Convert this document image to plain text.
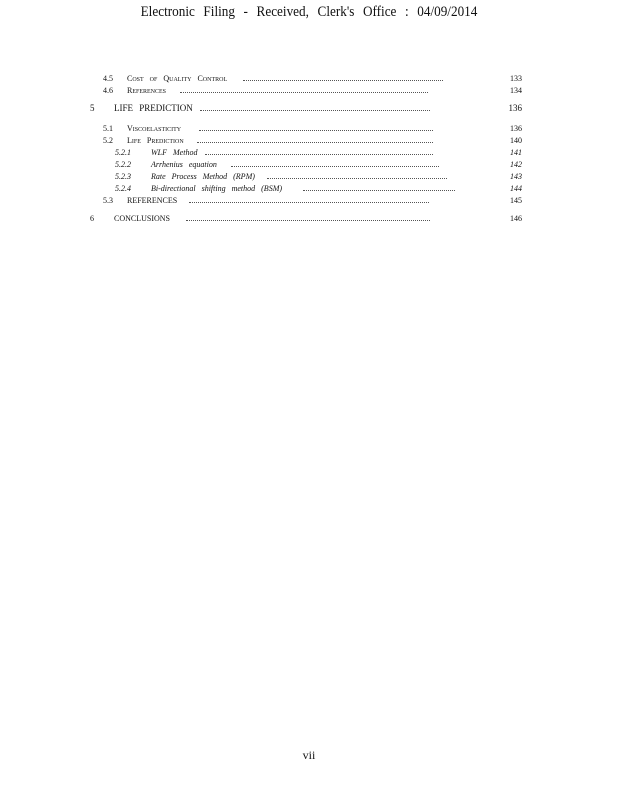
Electronic Filing - Received, Clerk's Office : 04/09/2014
4.5 Cost of Quality Control	133
4.6 References	134
5 LIFE PREDICTION	136
5.1 Viscoelasticity	136
5.2 Life Prediction	140
5.2.1	WLF Method	141
5.2.2	Arrhenius equation	142
5.2.3	Rate Process Method (RPM)	143
5.2.4	Bi-directional shifting method (BSM)	144
5.3 REFERENCES	145
6	CONCLUSIONS	146
vii
